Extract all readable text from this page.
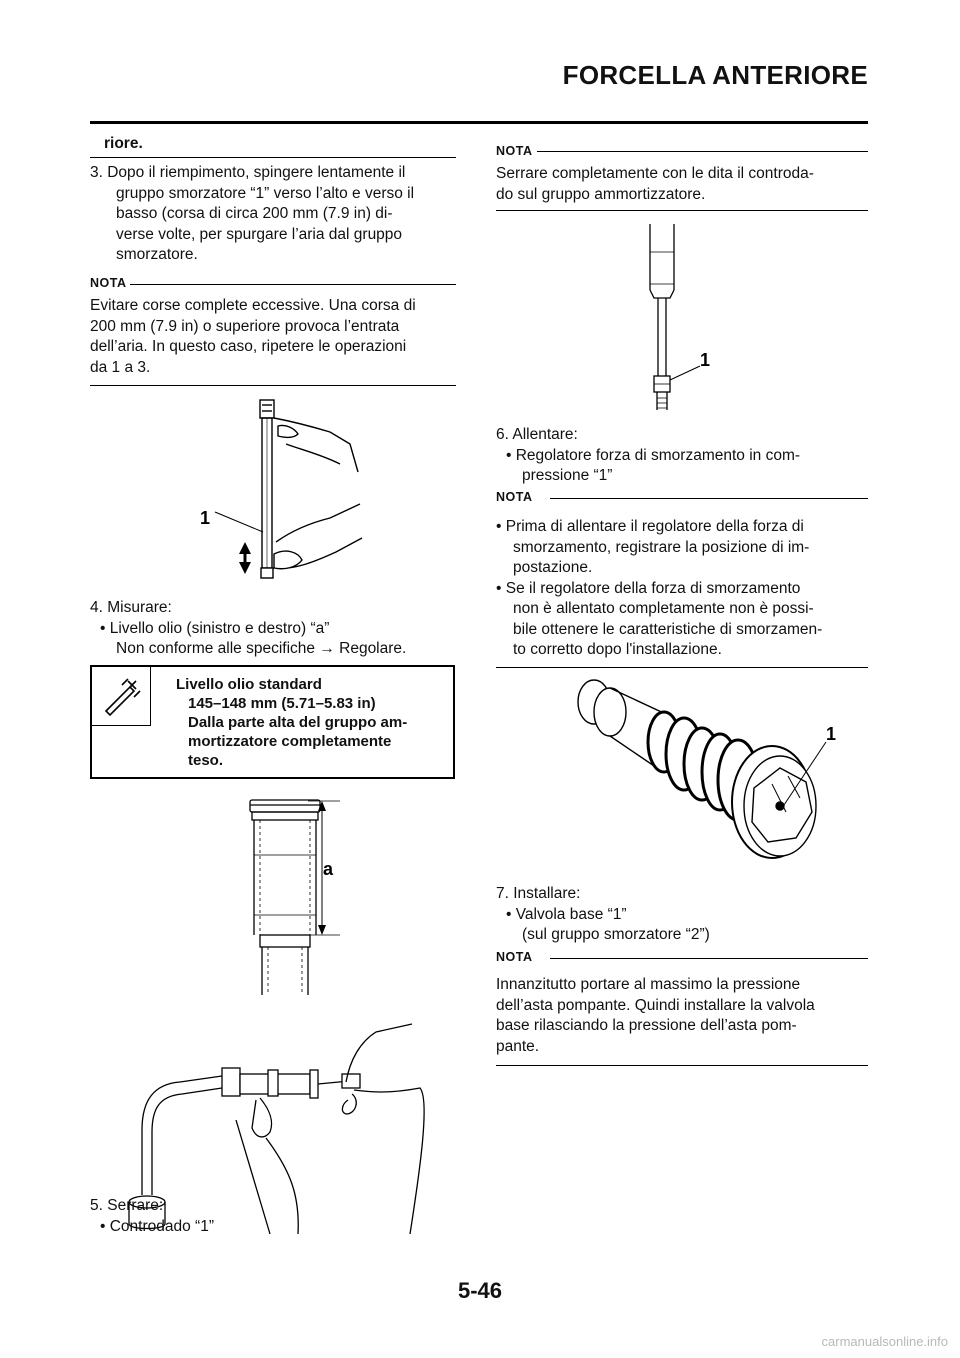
FORCELLA ANTERIORE
riore.
3. Dopo il riempimento, spingere lentamente il
gruppo smorzatore “1” verso l’alto e verso il
basso (corsa di circa 200 mm (7.9 in) di-
verse volte, per spurgare l’aria dal gruppo
smorzatore.
NOTA
Evitare corse complete eccessive. Una corsa di
200 mm (7.9 in) o superiore provoca l’entrata
dell’aria. In questo caso, ripetere le operazioni
da 1 a 3.
1
4. Misurare:
• Livello olio (sinistro e destro) “a”
Non conforme alle specifiche → Regolare.
Livello olio standard
145–148 mm (5.71–5.83 in)
Dalla parte alta del gruppo am-
mortizzatore completamente
teso.
a
5. Serrare:
• Controdado “1”
NOTA
Serrare completamente con le dita il controda-
do sul gruppo ammortizzatore.
1
6. Allentare:
• Regolatore forza di smorzamento in com-
pressione “1”
NOTA
• Prima di allentare il regolatore della forza di
smorzamento, registrare la posizione di im-
postazione.
• Se il regolatore della forza di smorzamento
non è allentato completamente non è possi-
bile ottenere le caratteristiche di smorzamen-
to corretto dopo l'installazione.
1
7. Installare:
• Valvola base “1”
(sul gruppo smorzatore “2”)
NOTA
Innanzitutto portare al massimo la pressione
dell’asta pompante. Quindi installare la valvola
base rilasciando la pressione dell’asta pom-
pante.
5-46
carmanualsonline.info
